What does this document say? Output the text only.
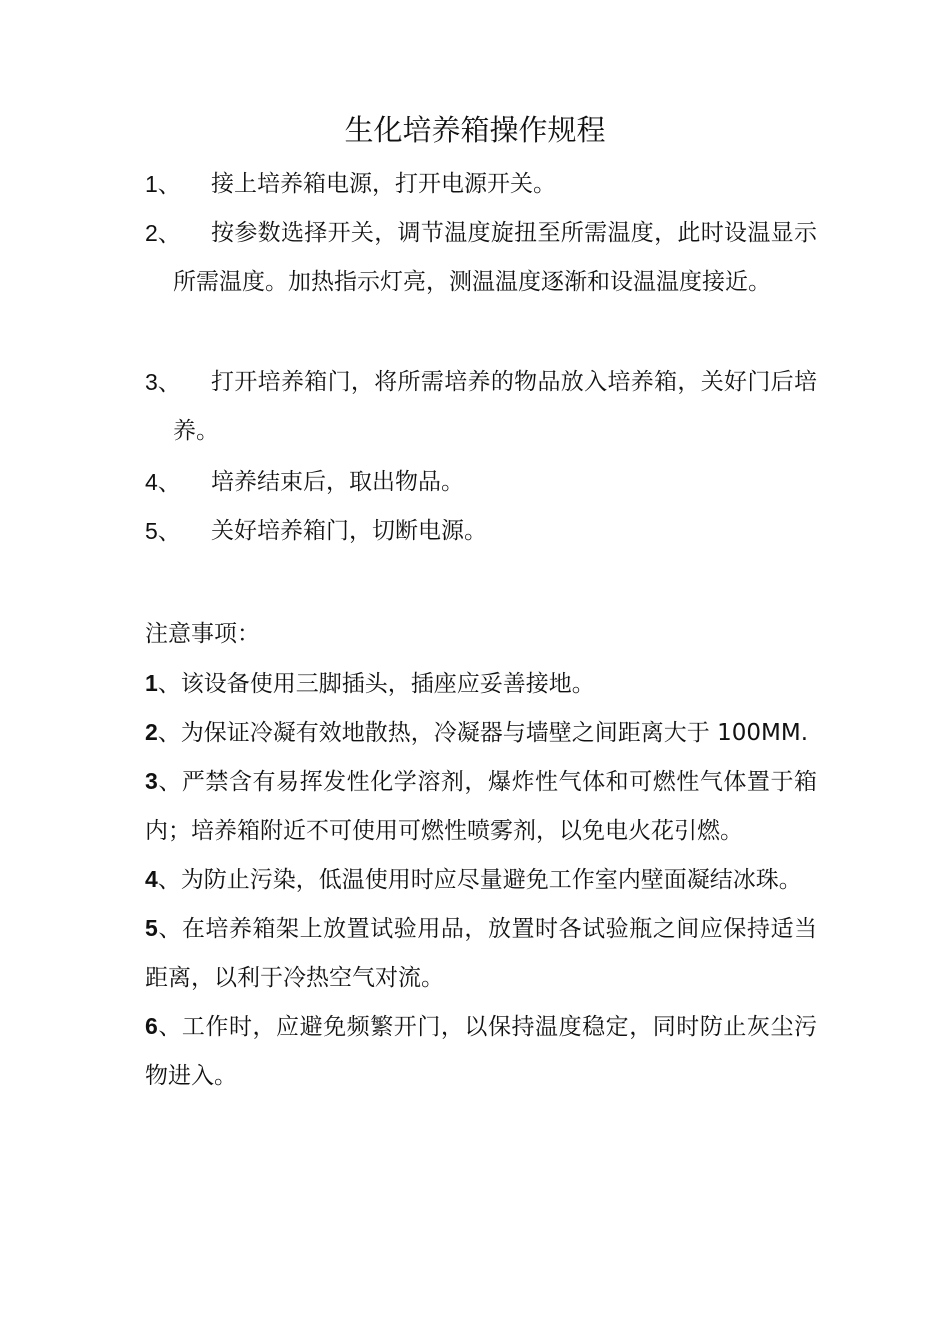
生化培养箱操作规程
1、	接上培养箱电源，打开电源开关。
2、	按参数选择开关，调节温度旋扭至所需温度，此时设温显示所需温度。加热指示灯亮，测温温度逐渐和设温温度接近。
3、	打开培养箱门，将所需培养的物品放入培养箱，关好门后培养。
4、	培养结束后，取出物品。
5、	关好培养箱门，切断电源。
注意事项：
1、该设备使用三脚插头，插座应妥善接地。
2、为保证冷凝有效地散热，冷凝器与墙壁之间距离大于 100MM.
3、严禁含有易挥发性化学溶剂，爆炸性气体和可燃性气体置于箱内；培养箱附近不可使用可燃性喷雾剂，以免电火花引燃。
4、为防止污染，低温使用时应尽量避免工作室内壁面凝结冰珠。
5、在培养箱架上放置试验用品，放置时各试验瓶之间应保持适当距离，以利于冷热空气对流。
6、工作时，应避免频繁开门，以保持温度稳定，同时防止灰尘污物进入。
